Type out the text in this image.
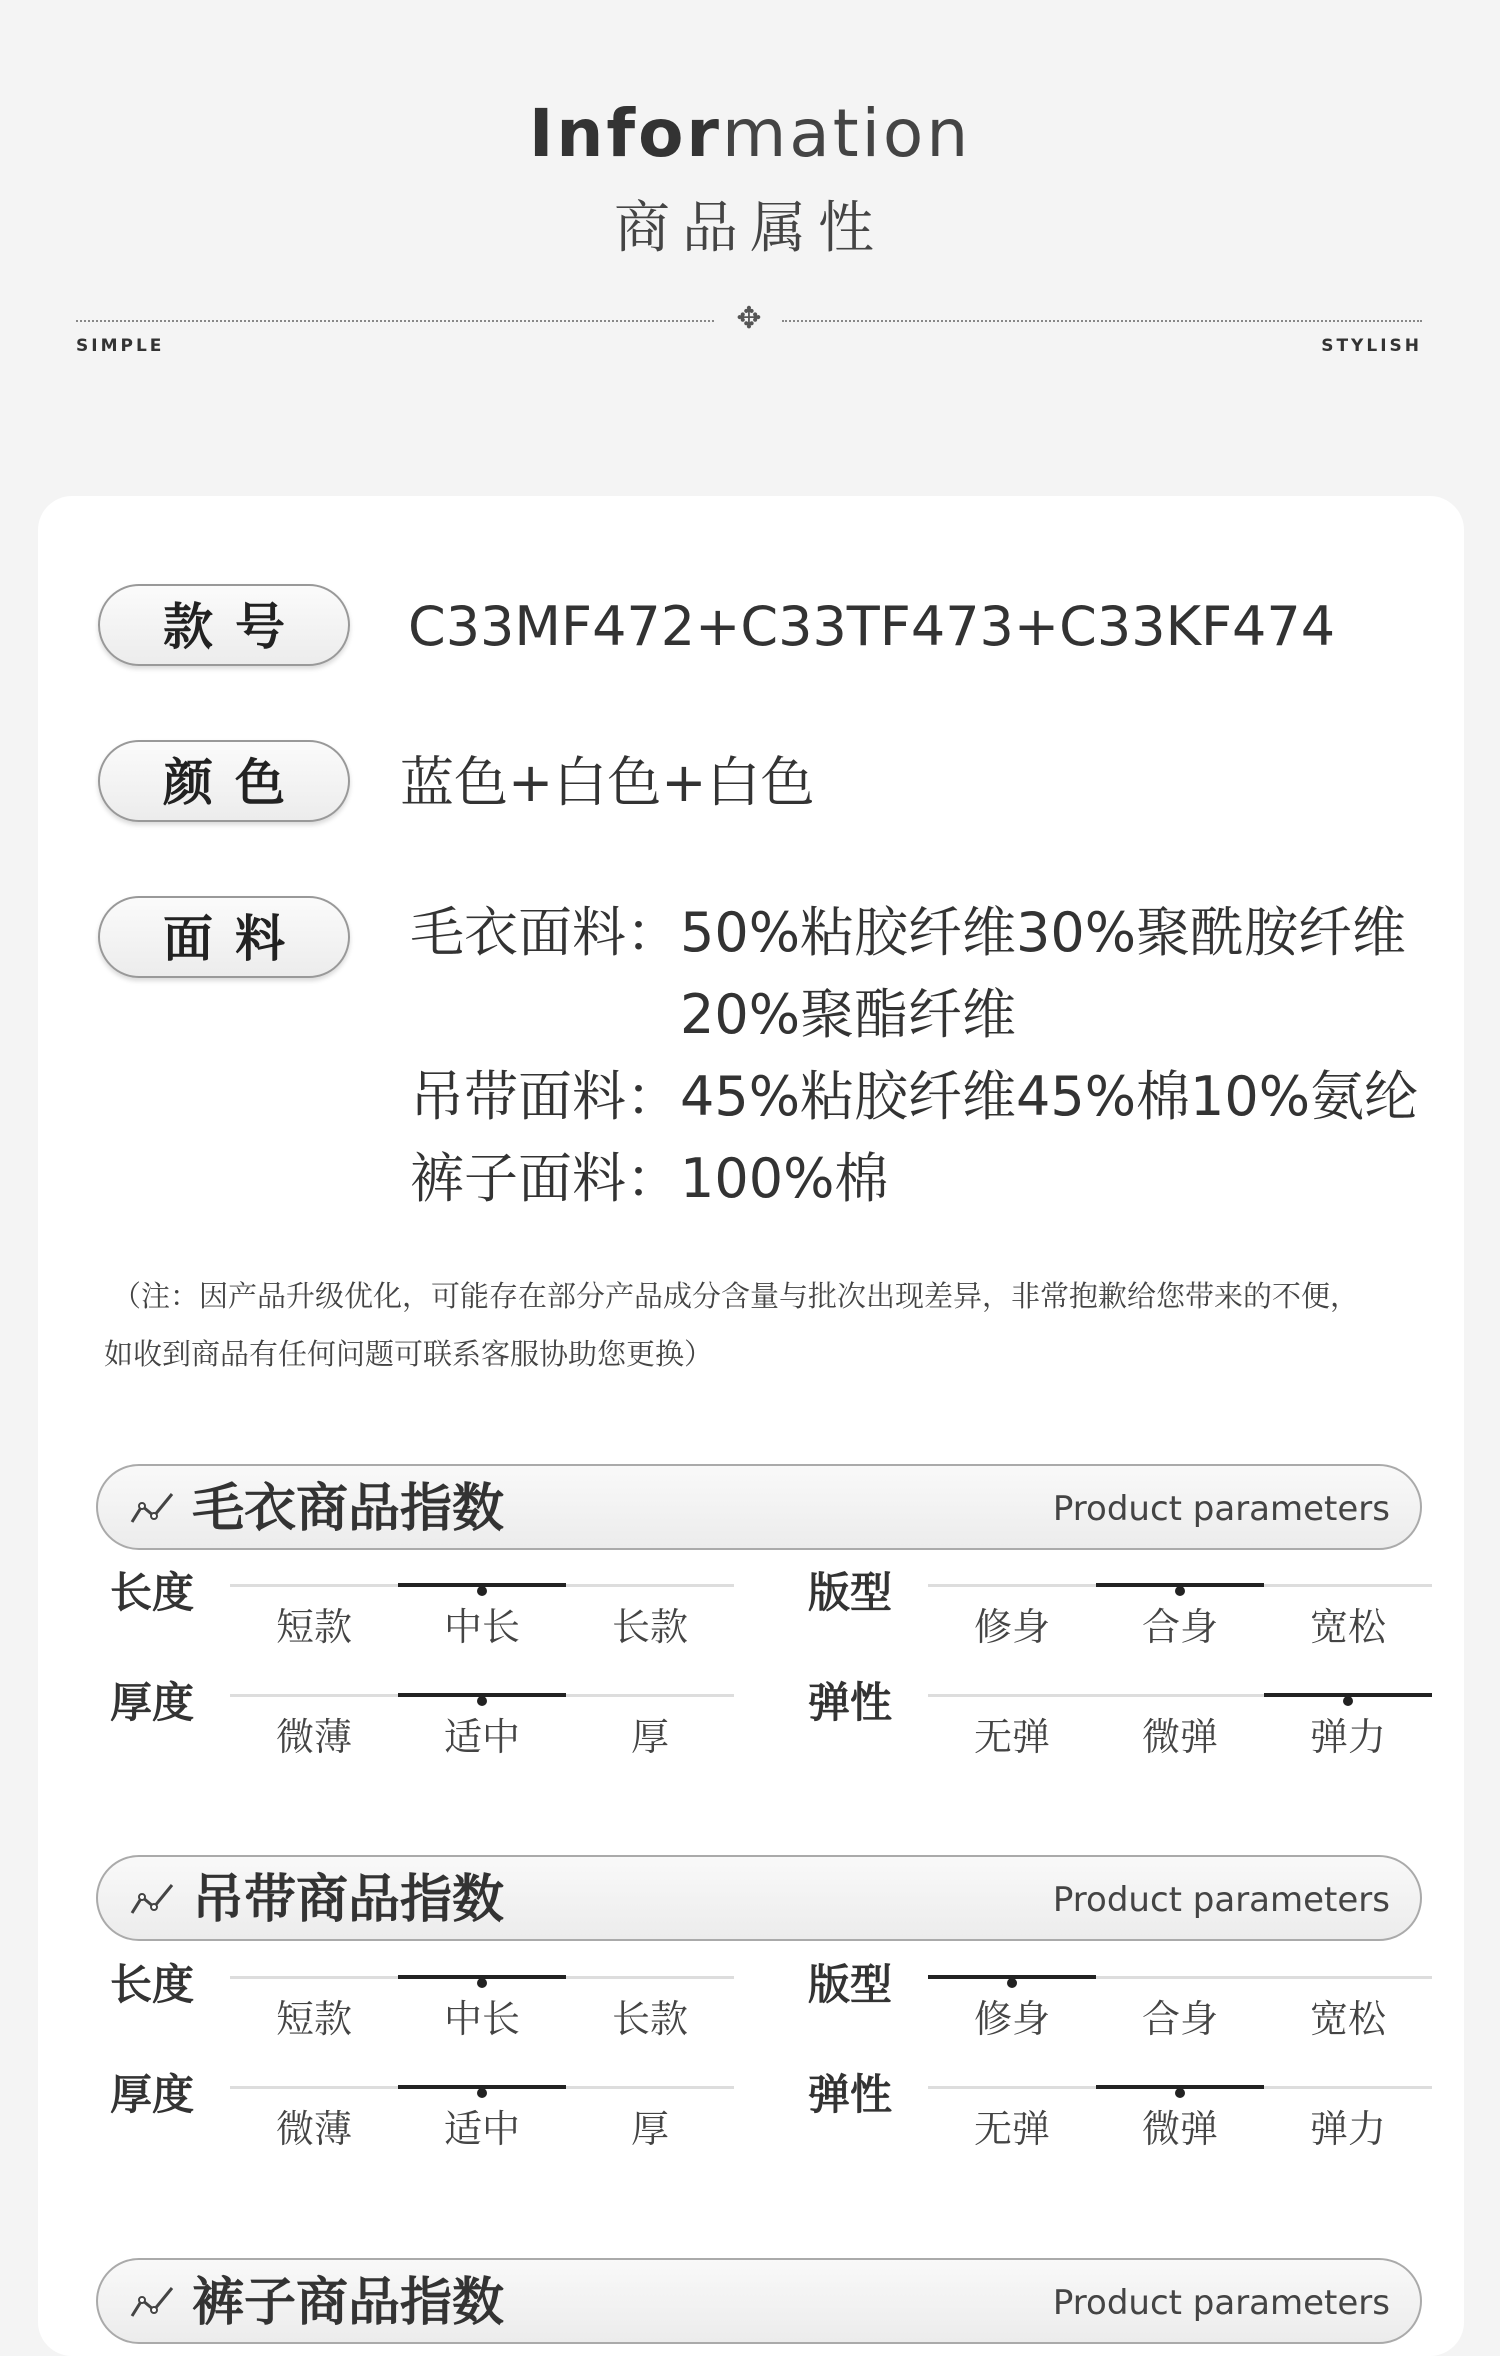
Information
商品属性
✥
SIMPLE	STYLISH
款号	C33MF472+C33TF473+C33KF474
颜色	蓝色+白色+白色
面料	毛衣面料：50%粘胶纤维30%聚酰胺纤维
20%聚酯纤维
吊带面料：45%粘胶纤维45%棉10%氨纶
裤子面料：100%棉
（注：因产品升级优化，可能存在部分产品成分含量与批次出现差异，非常抱歉给您带来的不便，
如收到商品有任何问题可联系客服协助您更换）
毛衣商品指数	Product parameters
长度
短款	中长	长款
版型
修身	合身	宽松
厚度
微薄	适中	厚
弹性
无弹	微弹	弹力
吊带商品指数	Product parameters
长度
短款	中长	长款
版型
修身	合身	宽松
厚度
微薄	适中	厚
弹性
无弹	微弹	弹力
裤子商品指数	Product parameters
